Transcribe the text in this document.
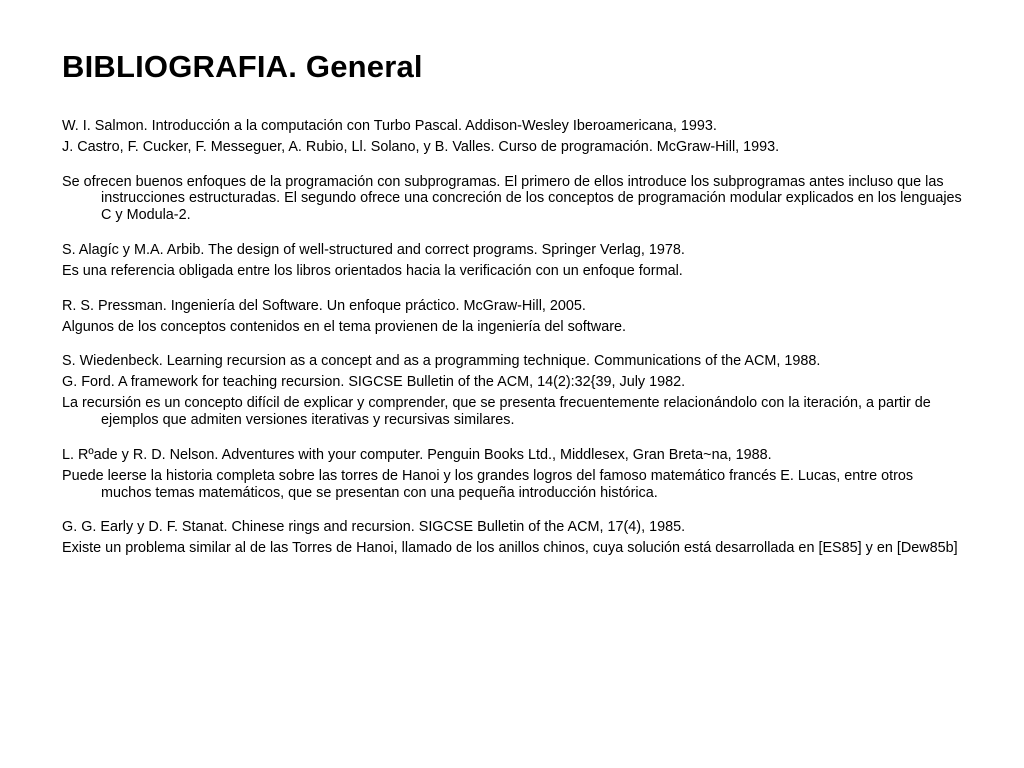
BIBLIOGRAFIA. General

W. I. Salmon. Introducción a la computación con Turbo Pascal. Addison-Wesley Iberoamericana, 1993.

J. Castro, F. Cucker, F. Messeguer, A. Rubio, Ll. Solano, y B. Valles. Curso de programación. McGraw-Hill, 1993.

Se ofrecen buenos enfoques de la programación con subprogramas. El primero de ellos introduce los subprogramas antes incluso que las instrucciones estructuradas. El segundo ofrece una concreción de los conceptos de programación modular explicados en los lenguajes C y Modula-2.

S. Alagíc y M.A. Arbib. The design of well-structured and correct programs. Springer Verlag, 1978.

Es una referencia obligada entre los libros orientados hacia la verificación con un enfoque formal.

R. S. Pressman. Ingeniería del Software. Un enfoque práctico. McGraw-Hill, 2005.

Algunos de los conceptos contenidos en el tema provienen de la ingeniería del software.

S. Wiedenbeck. Learning recursion as a concept and as a programming technique. Communications of the ACM, 1988.

G. Ford. A framework for teaching recursion. SIGCSE Bulletin of the ACM, 14(2):32{39, July 1982.

La recursión es un concepto difícil de explicar y comprender, que se presenta frecuentemente relacionándolo con la iteración, a partir de ejemplos que admiten versiones iterativas y recursivas similares.

L. Rºade y R. D. Nelson. Adventures with your computer. Penguin Books Ltd., Middlesex, Gran Breta~na, 1988.

Puede leerse la historia completa sobre las torres de Hanoi y los grandes logros del famoso matemático francés E. Lucas, entre otros muchos temas matemáticos, que se presentan con una pequeña introducción histórica.

G. G. Early y D. F. Stanat. Chinese rings and recursion. SIGCSE Bulletin of the ACM, 17(4), 1985.

Existe un problema similar al de las Torres de Hanoi, llamado de los anillos chinos, cuya solución está desarrollada en [ES85] y en [Dew85b]
